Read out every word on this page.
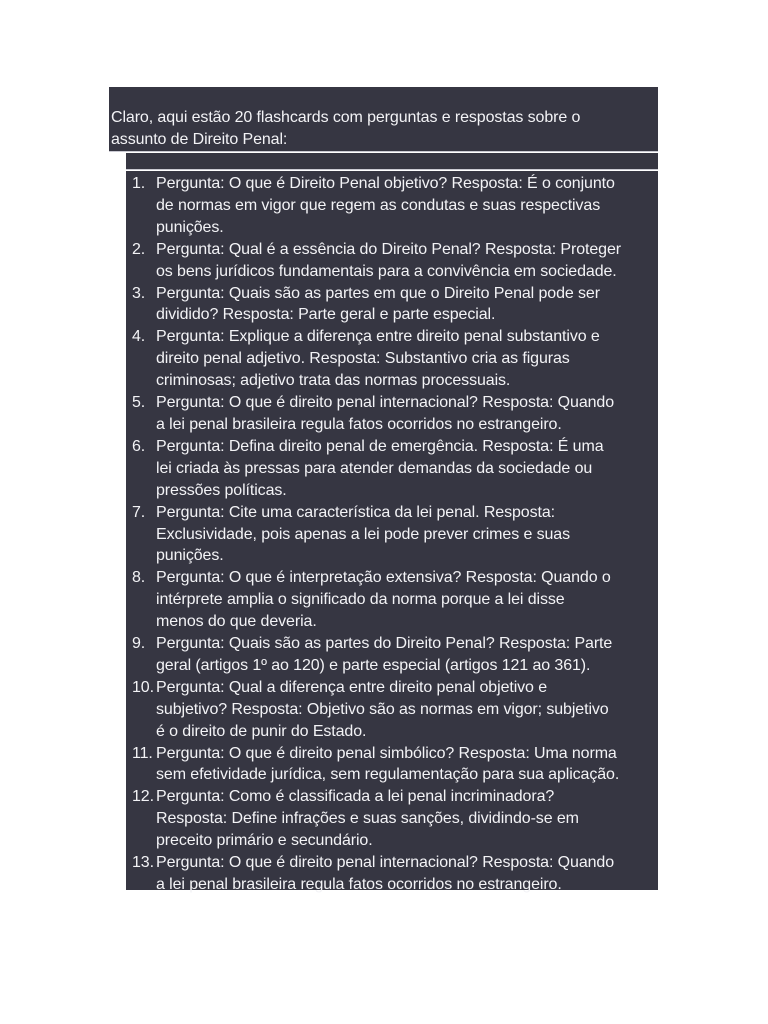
Claro, aqui estão 20 flashcards com perguntas e respostas sobre o
assunto de Direito Penal:
1. Pergunta: O que é Direito Penal objetivo? Resposta: É o conjunto
de normas em vigor que regem as condutas e suas respectivas
punições.
2. Pergunta: Qual é a essência do Direito Penal? Resposta: Proteger
os bens jurídicos fundamentais para a convivência em sociedade.
3. Pergunta: Quais são as partes em que o Direito Penal pode ser
dividido? Resposta: Parte geral e parte especial.
4. Pergunta: Explique a diferença entre direito penal substantivo e
direito penal adjetivo. Resposta: Substantivo cria as figuras
criminosas; adjetivo trata das normas processuais.
5. Pergunta: O que é direito penal internacional? Resposta: Quando
a lei penal brasileira regula fatos ocorridos no estrangeiro.
6. Pergunta: Defina direito penal de emergência. Resposta: É uma
lei criada às pressas para atender demandas da sociedade ou
pressões políticas.
7. Pergunta: Cite uma característica da lei penal. Resposta:
Exclusividade, pois apenas a lei pode prever crimes e suas
punições.
8. Pergunta: O que é interpretação extensiva? Resposta: Quando o
intérprete amplia o significado da norma porque a lei disse
menos do que deveria.
9. Pergunta: Quais são as partes do Direito Penal? Resposta: Parte
geral (artigos 1º ao 120) e parte especial (artigos 121 ao 361).
10. Pergunta: Qual a diferença entre direito penal objetivo e
subjetivo? Resposta: Objetivo são as normas em vigor; subjetivo
é o direito de punir do Estado.
11. Pergunta: O que é direito penal simbólico? Resposta: Uma norma
sem efetividade jurídica, sem regulamentação para sua aplicação.
12. Pergunta: Como é classificada a lei penal incriminadora?
Resposta: Define infrações e suas sanções, dividindo-se em
preceito primário e secundário.
13. Pergunta: O que é direito penal internacional? Resposta: Quando
a lei penal brasileira regula fatos ocorridos no estrangeiro.
